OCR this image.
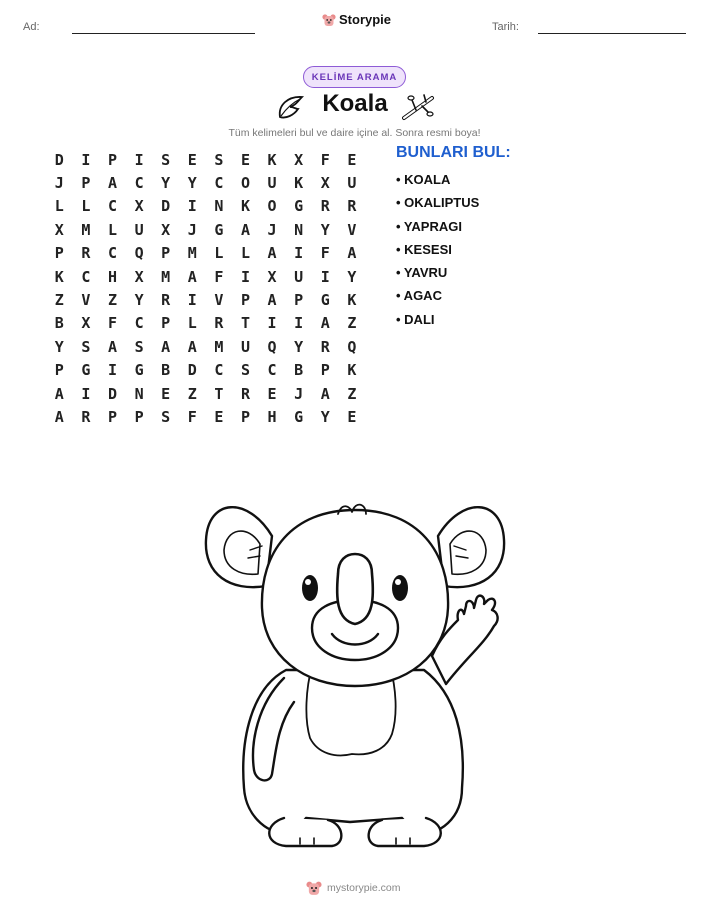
Ad:	Storypie	Tarih:
KELİME ARAMA
Koala
Tüm kelimeleri bul ve daire içine al. Sonra resmi boya!
D	I	P	I	S	E	S	E	K	X	F	E
J	P	A	C	Y	Y	C	O	U	K	X	U
L	L	C	X	D	I	N	K	O	G	R	R
X	M	L	U	X	J	G	A	J	N	Y	V
P	R	C	Q	P	M	L	L	A	I	F	A
K	C	H	X	M	A	F	I	X	U	I	Y
Z	V	Z	Y	R	I	V	P	A	P	G	K
B	X	F	C	P	L	R	T	I	I	A	Z
Y	S	A	S	A	A	M	U	Q	Y	R	Q
P	G	I	G	B	D	C	S	C	B	P	K
A	I	D	N	E	Z	T	R	E	J	A	Z
A	R	P	P	S	F	E	P	H	G	Y	E
BUNLARI BUL:
• KOALA
• OKALIPTUS
• YAPRAGI
• KESESI
• YAVRU
• AGAC
• DALI
mystorypie.com
